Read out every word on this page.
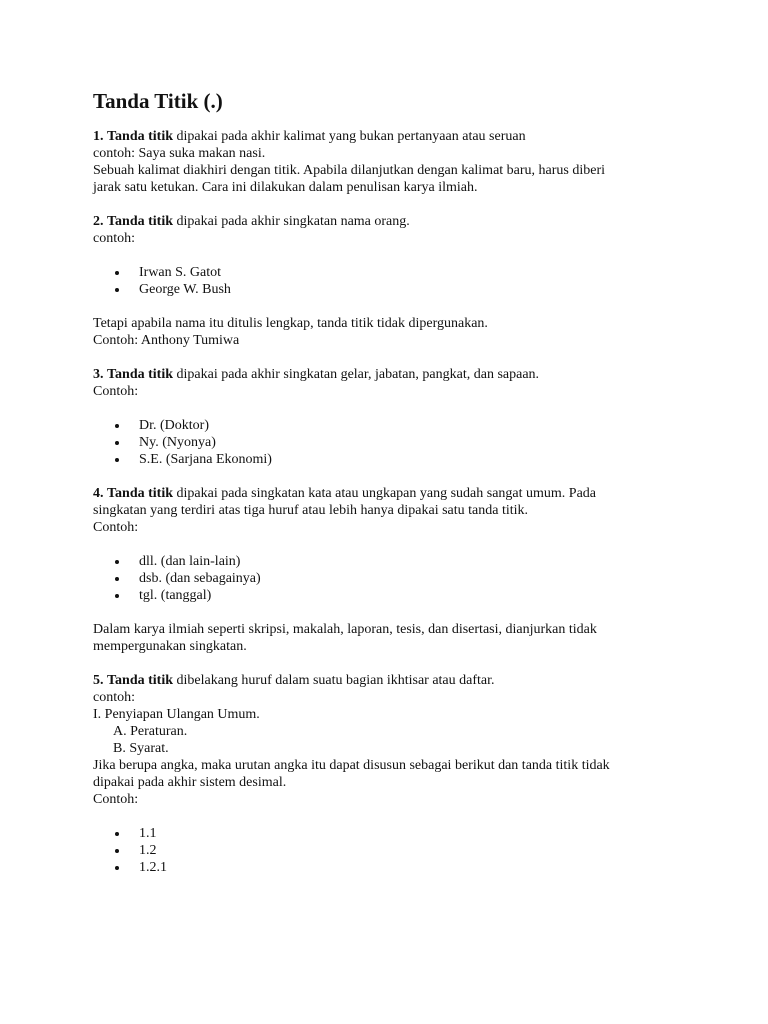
Tanda Titik (.)

1. Tanda titik dipakai pada akhir kalimat yang bukan pertanyaan atau seruan

contoh: Saya suka makan nasi.

Sebuah kalimat diakhiri dengan titik. Apabila dilanjutkan dengan kalimat baru, harus diberi

jarak satu ketukan. Cara ini dilakukan dalam penulisan karya ilmiah.

2. Tanda titik dipakai pada akhir singkatan nama orang.

contoh:

Irwan S. Gatot
George W. Bush

Tetapi apabila nama itu ditulis lengkap, tanda titik tidak dipergunakan.

Contoh: Anthony Tumiwa

3. Tanda titik dipakai pada akhir singkatan gelar, jabatan, pangkat, dan sapaan.

Contoh:

Dr. (Doktor)
Ny. (Nyonya)
S.E. (Sarjana Ekonomi)

4. Tanda titik dipakai pada singkatan kata atau ungkapan yang sudah sangat umum. Pada

singkatan yang terdiri atas tiga huruf atau lebih hanya dipakai satu tanda titik.

Contoh:

dll. (dan lain-lain)
dsb. (dan sebagainya)
tgl. (tanggal)

Dalam karya ilmiah seperti skripsi, makalah, laporan, tesis, dan disertasi, dianjurkan tidak

mempergunakan singkatan.

5. Tanda titik dibelakang huruf dalam suatu bagian ikhtisar atau daftar.

contoh:

I. Penyiapan Ulangan Umum.

A. Peraturan.

B. Syarat.

Jika berupa angka, maka urutan angka itu dapat disusun sebagai berikut dan tanda titik tidak

dipakai pada akhir sistem desimal.

Contoh:

1.1
1.2
1.2.1
